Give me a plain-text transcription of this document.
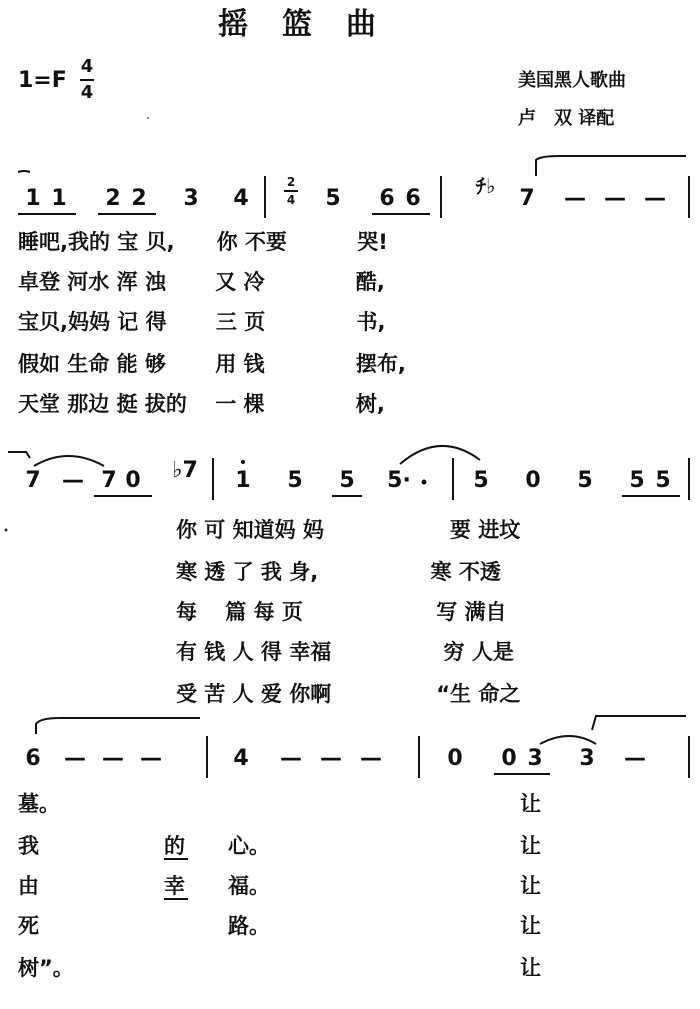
摇篮曲
1=F
4
4
美国黑人歌曲
卢　双 译配
1 1	2 2	3	4	5	6 6	7	— — —
2
4
ﾁ♭
睡吧,我的 宝 贝,　　你 不要　　　 哭!
卓登 河水 浑 浊　　 又 冷　　　　 酷,
宝贝,妈妈 记 得　　 三 页　　　　 书,
假如 生命 能 够　　 用 钱　　　　 摆布,
天堂 那边 挺 拔的　 一 棵　　　　 树,
7 — 7 0	♭7	1	5	5	5·	5	0	5	5 5
你 可 知道妈 妈　　　　　　要 进坟
寒 透 了 我 身,　　　　　 寒 不透
每　 篇 每 页　　　　　　 写 满自
有 钱 人 得 幸福　　　　　 穷 人是
受 苦 人 爱 你啊　　　　　“生 命之
6	— — —	4	— — —	0	0 3	3	—
墓。	让
我	的 心。	让
由	幸 福。	让
死	路。	让
树”。	让
